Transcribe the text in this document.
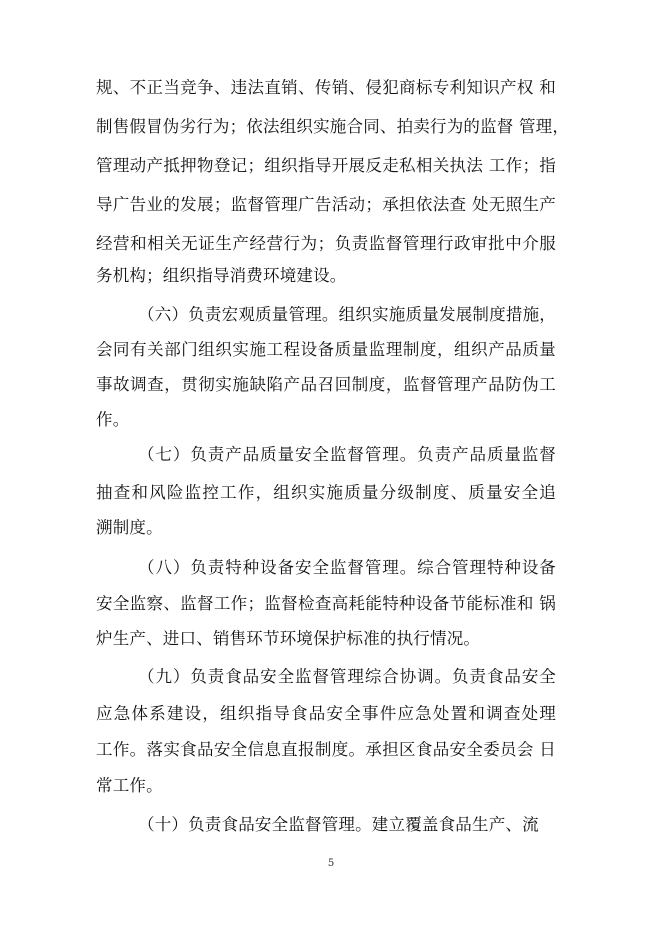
规、不正当竞争、违法直销、传销、侵犯商标专利知识产权 和
制售假冒伪劣行为；依法组织实施合同、拍卖行为的监督 管理，
管理动产抵押物登记；组织指导开展反走私相关执法 工作；指
导广告业的发展；监督管理广告活动；承担依法查 处无照生产
经营和相关无证生产经营行为；负责监督管理行政审批中介服
务机构；组织指导消费环境建设。
（六）负责宏观质量管理。组织实施质量发展制度措施，
会同有关部门组织实施工程设备质量监理制度，组织产品质量
事故调查，贯彻实施缺陷产品召回制度，监督管理产品防伪工
作。
（七）负责产品质量安全监督管理。负责产品质量监督
抽查和风险监控工作，组织实施质量分级制度、质量安全追
溯制度。
（八）负责特种设备安全监督管理。综合管理特种设备
安全监察、监督工作；监督检查高耗能特种设备节能标准和 锅
炉生产、进口、销售环节环境保护标准的执行情况。
（九）负责食品安全监督管理综合协调。负责食品安全
应急体系建设，组织指导食品安全事件应急处置和调查处理
工作。落实食品安全信息直报制度。承担区食品安全委员会 日
常工作。
（十）负责食品安全监督管理。建立覆盖食品生产、流
5
